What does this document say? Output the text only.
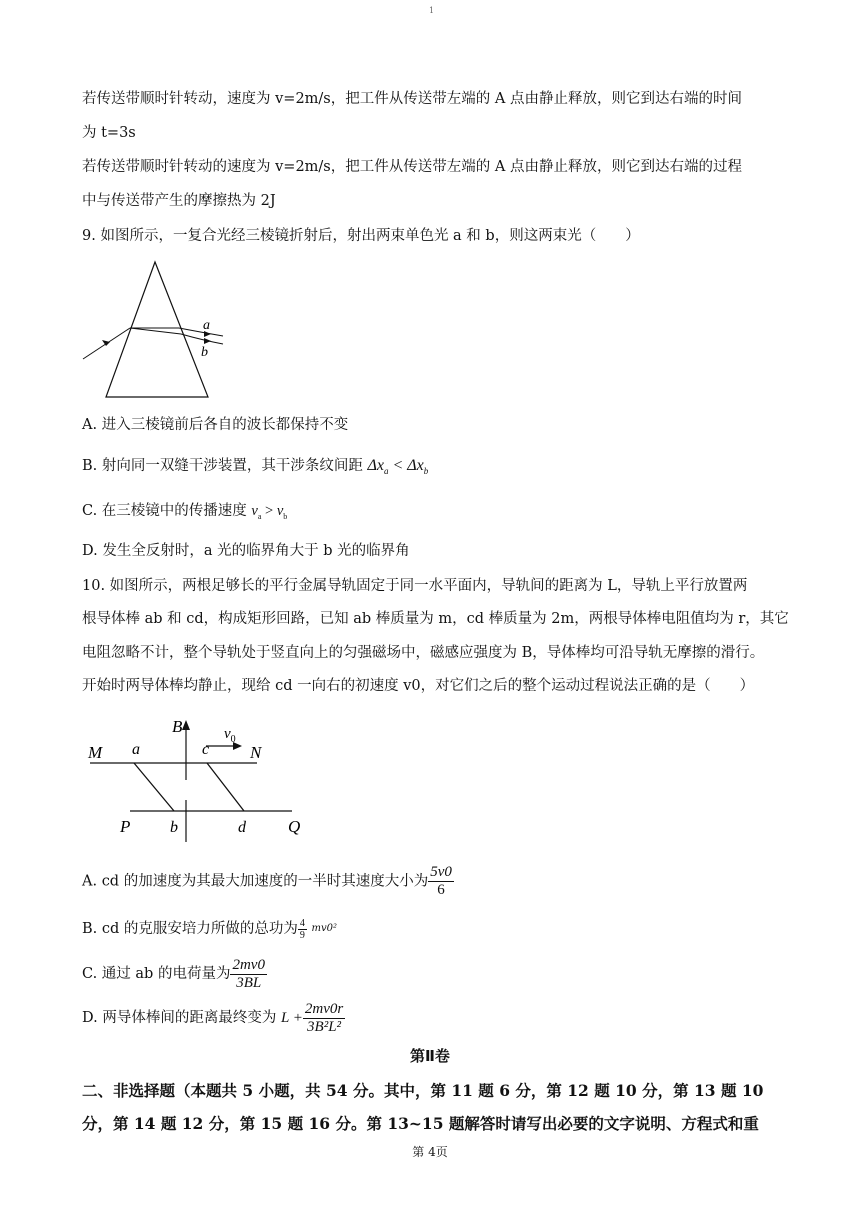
1
若传送带顺时针转动，速度为 v=2m/s，把工件从传送带左端的 A 点由静止释放，则它到达右端的时间
为 t=3s
若传送带顺时针转动的速度为 v=2m/s，把工件从传送带左端的 A 点由静止释放，则它到达右端的过程
中与传送带产生的摩擦热为 2J
9. 如图所示，一复合光经三棱镜折射后，射出两束单色光 a 和 b，则这两束光（　　）
a
b
A. 进入三棱镜前后各自的波长都保持不变
B. 射向同一双缝干涉装置，其干涉条纹间距 $\Delta x_a < \Delta x_b$
C. 在三棱镜中的传播速度 $v_a > v_b$
D. 发生全反射时，a 光的临界角大于 b 光的临界角
10. 如图所示，两根足够长的平行金属导轨固定于同一水平面内，导轨间的距离为 L，导轨上平行放置两
根导体棒 ab 和 cd，构成矩形回路，已知 ab 棒质量为 m，cd 棒质量为 2m，两根导体棒电阻值均为 r，其它
电阻忽略不计，整个导轨处于竖直向上的匀强磁场中，磁感应强度为 B，导体棒均可沿导轨无摩擦的滑行。
开始时两导体棒均静止，现给 cd 一向右的初速度 v0，对它们之后的整个运动过程说法正确的是（　　）
B	$v_0$
M	N
P	Q
a
b
c
d
A. cd 的加速度为其最大加速度的一半时其速度大小为 $\frac{5v0}{6}$
B. cd 的克服安培力所做的总功为 $\frac{4}{9} mv0^2$
C. 通过 ab 的电荷量为 $\frac{2mv0}{3BL}$
D. 两导体棒间的距离最终变为 $L + \frac{2mv0r}{\text{3B²L²}}$
第Ⅱ卷
二、非选择题（本题共 5 小题，共 54 分。其中，第 11 题 6 分，第 12 题 10 分，第 13 题 10
分，第 14 题 12 分，第 15 题 16 分。第 13~15 题解答时请写出必要的文字说明、方程式和重
第 4页
